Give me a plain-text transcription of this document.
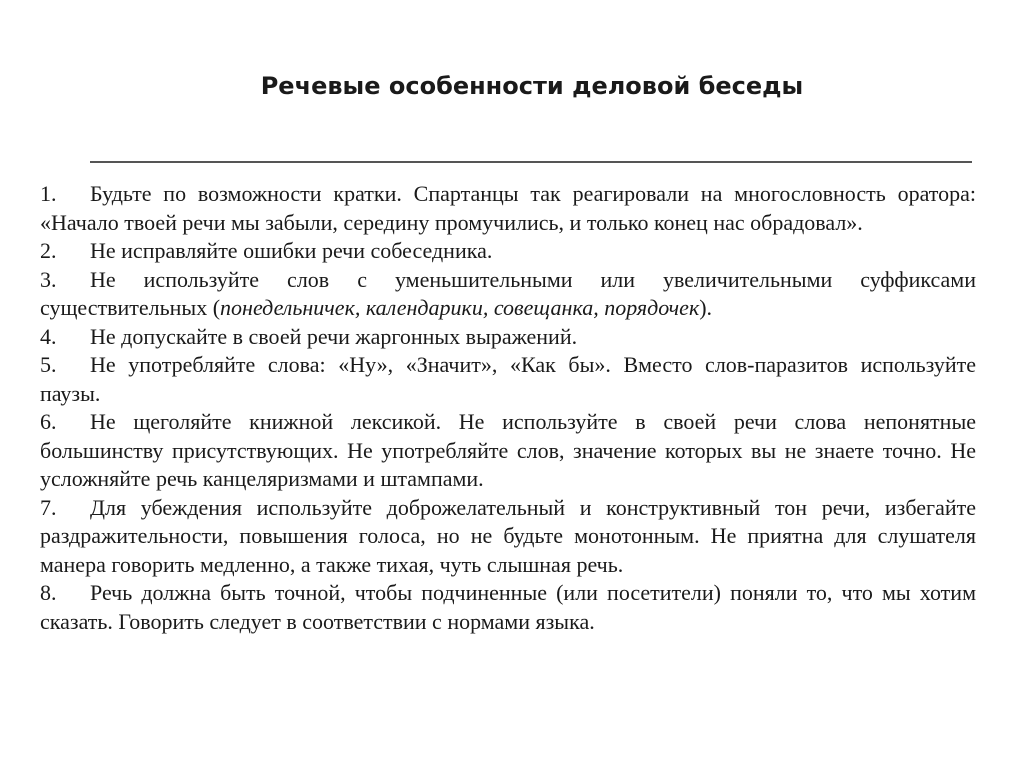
Речевые особенности деловой беседы

1. Будьте по возможности кратки. Спартанцы так реагировали на многословность оратора: «Начало твоей речи мы забыли, середину промучились, и только конец нас обрадовал».

2. Не исправляйте ошибки речи собеседника.

3. Не используйте слов с уменьшительными или увеличительными суффиксами существительных (понедельничек, календарики, совещанка, порядочек).

4. Не допускайте в своей речи жаргонных выражений.

5. Не употребляйте слова: «Ну», «Значит», «Как бы». Вместо слов-паразитов используйте паузы.

6. Не щеголяйте книжной лексикой. Не используйте в своей речи слова непонятные большинству присутствующих. Не употребляйте слов, значение которых вы не знаете точно. Не усложняйте речь канцеляризмами и штампами.

7. Для убеждения используйте доброжелательный и конструктивный тон речи, избегайте раздражительности, повышения голоса, но не будьте монотонным. Не приятна для слушателя манера говорить медленно, а также тихая, чуть слышная речь.

8. Речь должна быть точной, чтобы подчиненные (или посетители) поняли то, что мы хотим сказать. Говорить следует в соответствии с нормами языка.
